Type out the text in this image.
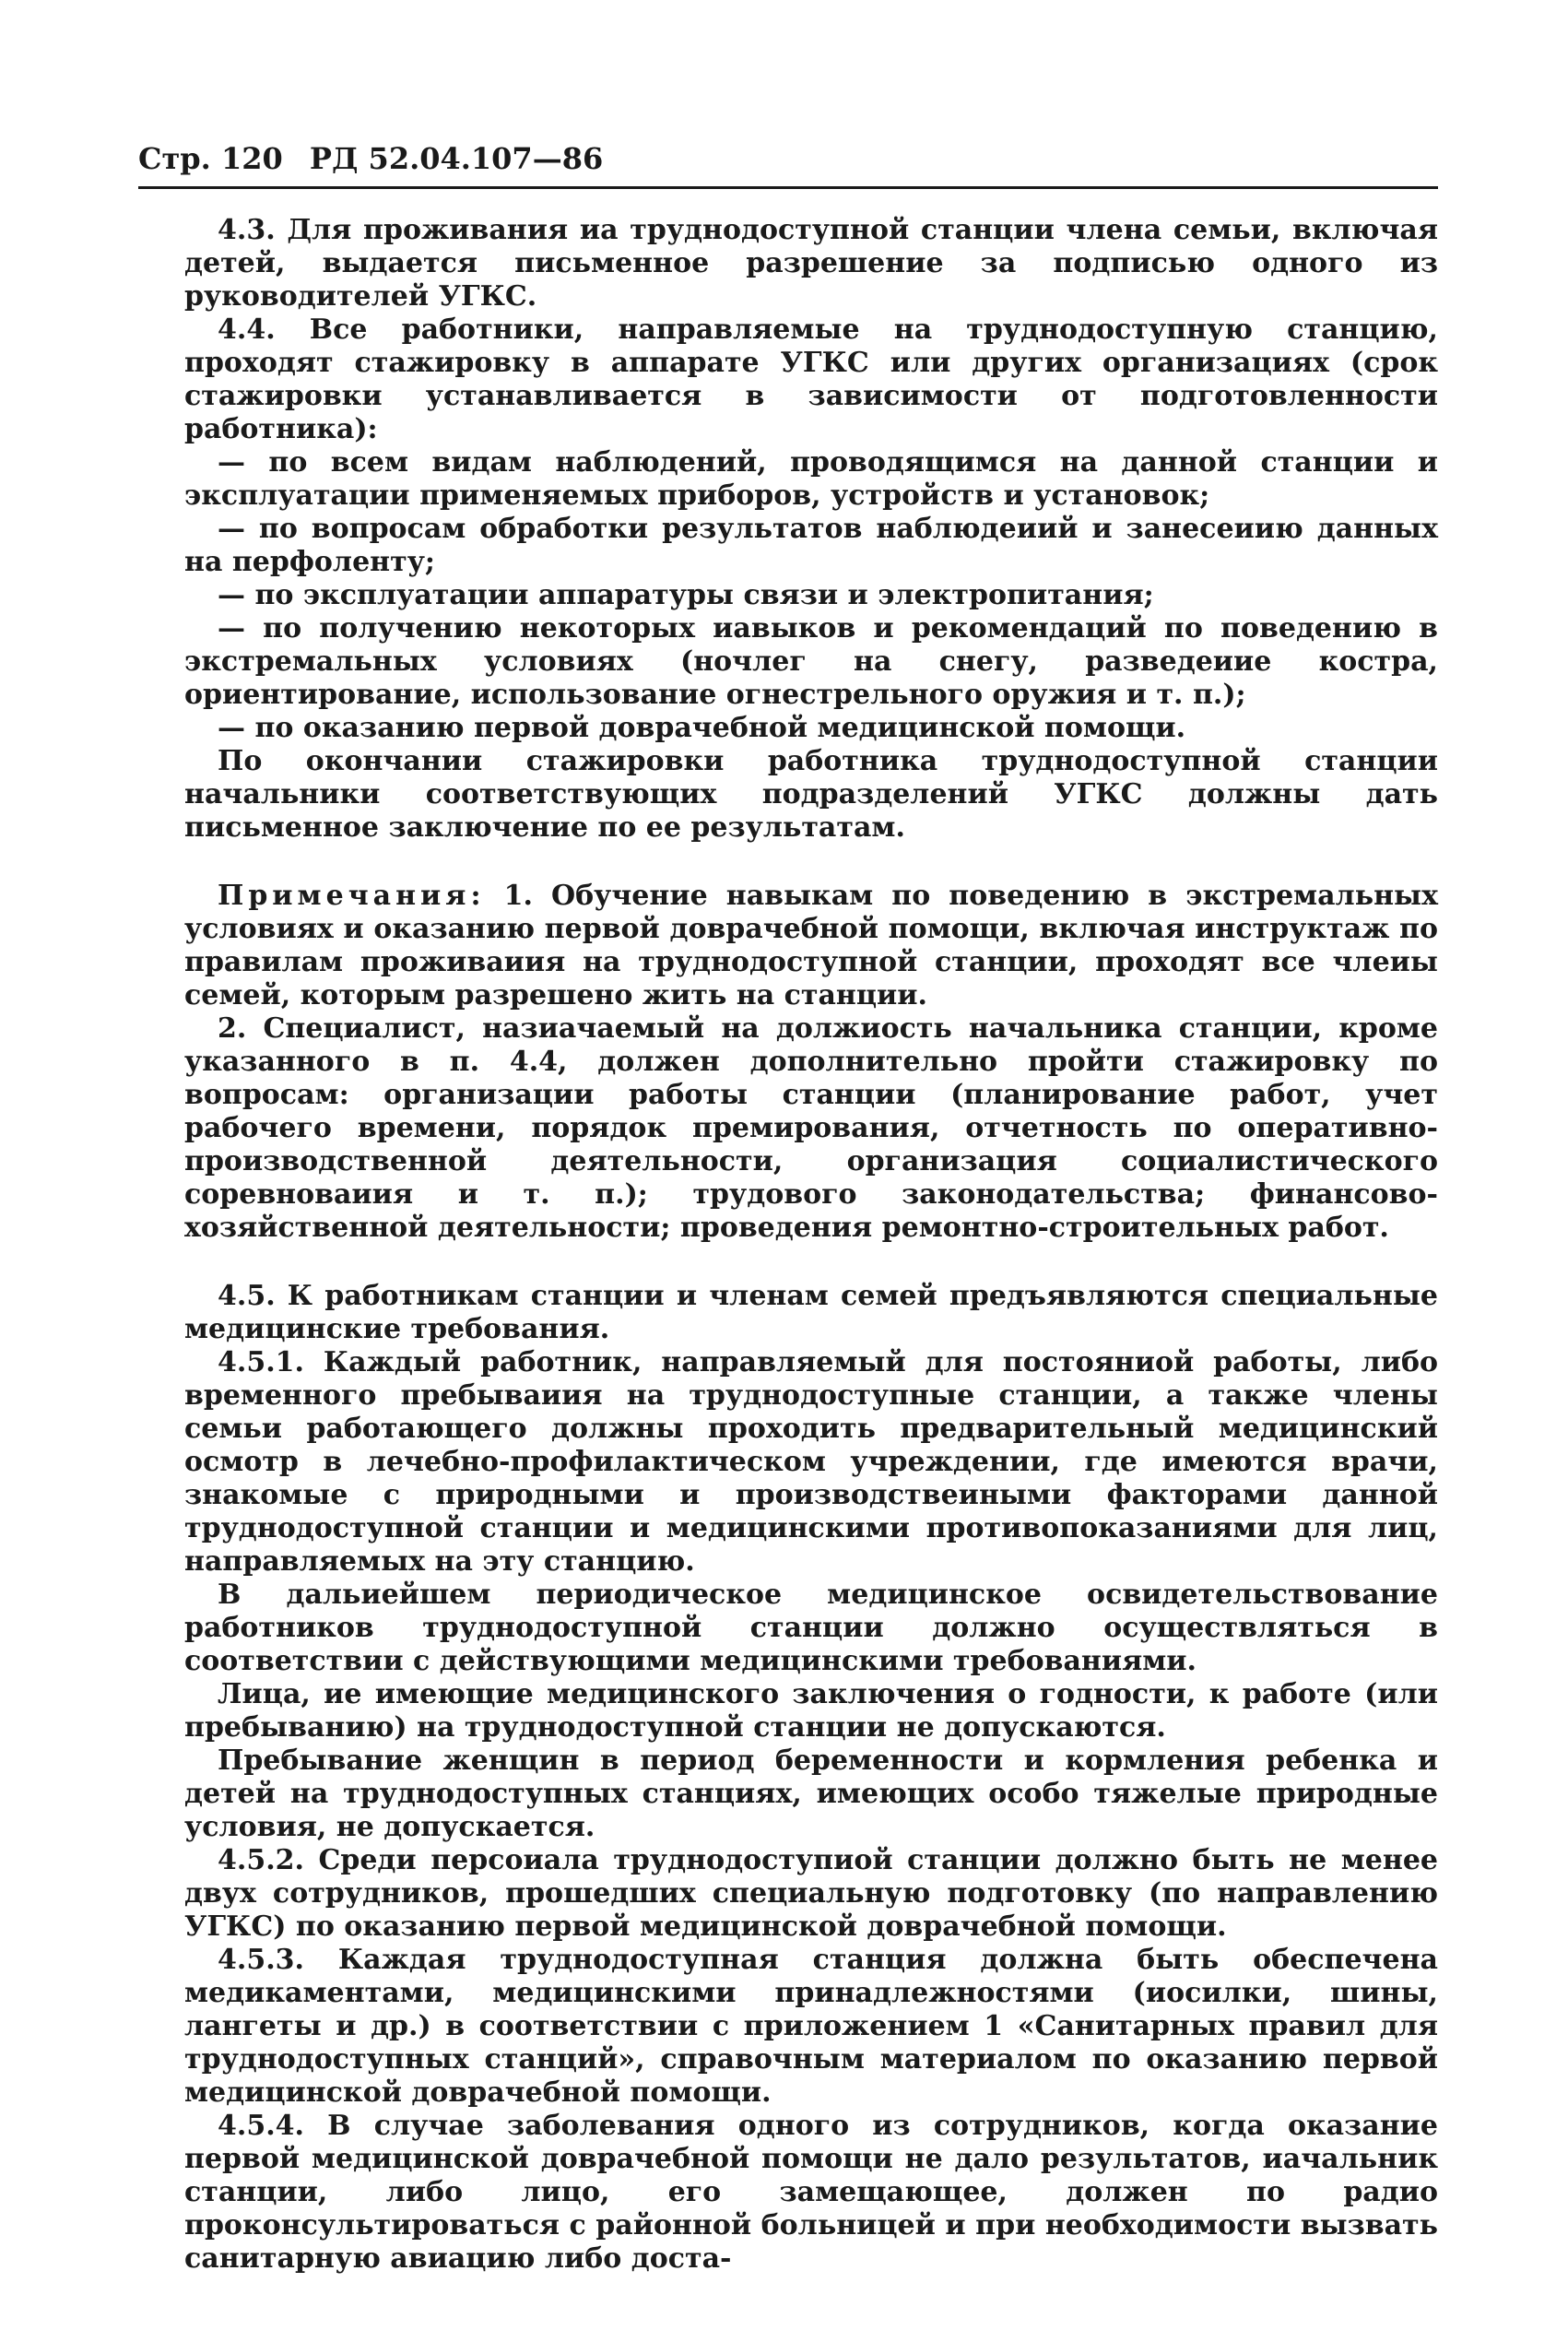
Стр. 120 РД 52.04.107—86

4.3. Для проживания иа труднодоступной станции члена семьи, включая детей, выдается письменное разрешение за подписью одного из руководителей УГКС.

4.4. Все работники, направляемые на труднодоступную станцию, проходят стажировку в аппарате УГКС или других организациях (срок стажировки устанавливается в зависимости от подготовленности работника):

— по всем видам наблюдений, проводящимся на данной станции и эксплуатации применяемых приборов, устройств и установок;

— по вопросам обработки результатов наблюдеиий и занесеиию данных на перфоленту;

— по эксплуатации аппаратуры связи и электропитания;

— по получению некоторых иавыков и рекомендаций по поведению в экстремальных условиях (ночлег на снегу, разведеиие костра, ориентирование, использование огнестрельного оружия и т. п.);

— по оказанию первой доврачебной медицинской помощи.

По окончании стажировки работника труднодоступной станции начальники соответствующих подразделений УГКС должны дать письменное заключение по ее результатам.

Примечания: 1. Обучение навыкам по поведению в экстремальных условиях и оказанию первой доврачебной помощи, включая инструктаж по правилам проживаиия на труднодоступной станции, проходят все члеиы семей, которым разрешено жить на станции.

2. Специалист, назиачаемый на должиость начальника станции, кроме указанного в п. 4.4, должен дополнительно пройти стажировку по вопросам: организации работы станции (планирование работ, учет рабочего времени, порядок премирования, отчетность по оперативно-производственной деятельности, организация социалистического соревноваиия и т. п.); трудового законодательства; финансово-хозяйственной деятельности; проведения ремонтно-строительных работ.

4.5. К работникам станции и членам семей предъявляются специальные медицинские требования.

4.5.1. Каждый работник, направляемый для постояниой работы, либо временного пребываиия на труднодоступные станции, а также члены семьи работающего должны проходить предварительный медицинский осмотр в лечебно-профилактическом учреждении, где имеются врачи, знакомые с природными и производствеиными факторами данной труднодоступной станции и медицинскими противопоказаниями для лиц, направляемых на эту станцию.

В дальиейшем периодическое медицинское освидетельствование работников труднодоступной станции должно осуществляться в соответствии с действующими медицинскими требованиями.

Лица, ие имеющие медицинского заключения о годности, к работе (или пребыванию) на труднодоступной станции не допускаются.

Пребывание женщин в период беременности и кормления ребенка и детей на труднодоступных станциях, имеющих особо тяжелые природные условия, не допускается.

4.5.2. Среди персоиала труднодоступиой станции должно быть не менее двух сотрудников, прошедших специальную подготовку (по направлению УГКС) по оказанию первой медицинской доврачебной помощи.

4.5.3. Каждая труднодоступная станция должна быть обеспечена медикаментами, медицинскими принадлежностями (иосилки, шины, лангеты и др.) в соответствии с приложением 1 «Санитарных правил для труднодоступных станций», справочным материалом по оказанию первой медицинской доврачебной помощи.

4.5.4. В случае заболевания одного из сотрудников, когда оказание первой медицинской доврачебной помощи не дало результатов, иачальник станции, либо лицо, его замещающее, должен по радио проконсультироваться с районной больницей и при необходимости вызвать санитарную авиацию либо доста-
